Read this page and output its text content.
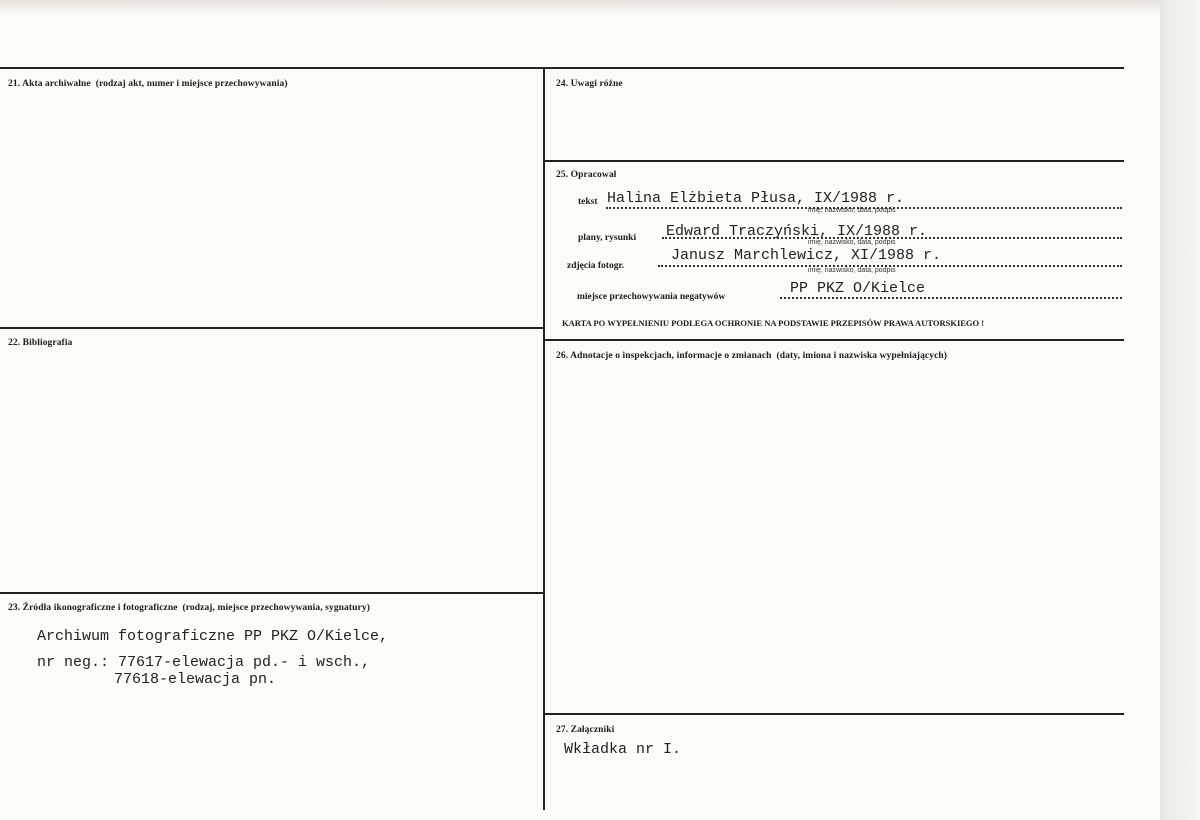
21. Akta archiwalne (rodzaj akt, numer i miejsce przechowywania)
22. Bibliografia
23. Źródła ikonograficzne i fotograficzne (rodzaj, miejsce przechowywania, sygnatury)
Archiwum fotograficzne PP PKZ O/Kielce,
nr neg.: 77617-elewacja pd.- i wsch.,
77618-elewacja pn.
24. Uwagi różne
25. Opracował
tekst Halina Elżbieta Płusa, IX/1988 r.
imię, nazwisko, data, podpis
plany, rysunki Edward Traczyński, IX/1988 r.
imię, nazwisko, data, podpis
zdjęcia fotogr.
Janusz Marchlewicz, XI/1988 r.
imię, nazwisko, data, podpis
miejsce przechowywania negatywów	PP PKZ O/Kielce
KARTA PO WYPEŁNIENIU PODLEGA OCHRONIE NA PODSTAWIE PRZEPISÓW PRAWA AUTORSKIEGO !
26. Adnotacje o inspekcjach, informacje o zmianach (daty, imiona i nazwiska wypełniających)
27. Załączniki
Wkładka nr I.
